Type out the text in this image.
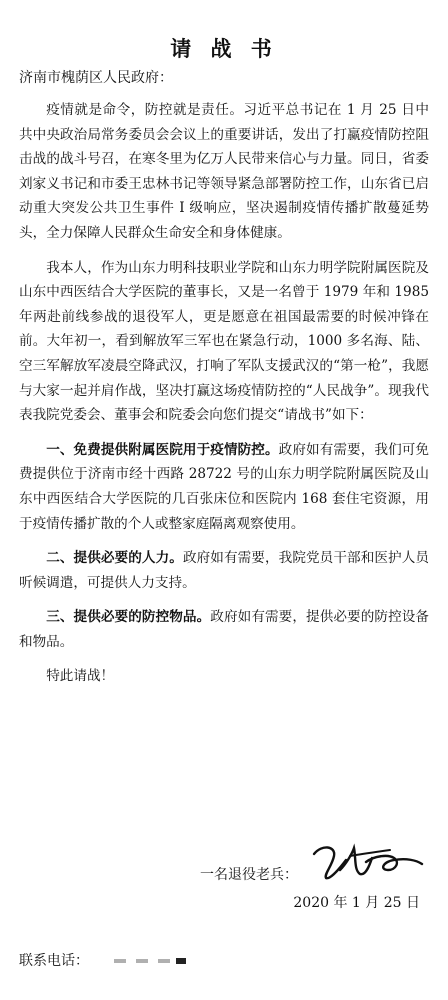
请 战 书
济南市槐荫区人民政府：

疫情就是命令，防控就是责任。习近平总书记在 1 月 25 日中共中央政治局常务委员会会议上的重要讲话，发出了打赢疫情防控阻击战的战斗号召，在寒冬里为亿万人民带来信心与力量。同日，省委刘家义书记和市委王忠林书记等领导紧急部署防控工作，山东省已启动重大突发公共卫生事件 I 级响应，坚决遏制疫情传播扩散蔓延势头，全力保障人民群众生命安全和身体健康。

我本人，作为山东力明科技职业学院和山东力明学院附属医院及山东中西医结合大学医院的董事长，又是一名曾于 1979 年和 1985 年两赴前线参战的退役军人，更是愿意在祖国最需要的时候冲锋在前。大年初一，看到解放军三军也在紧急行动，1000 多名海、陆、空三军解放军凌晨空降武汉，打响了军队支援武汉的“第一枪”，我愿与大家一起并肩作战，坚决打赢这场疫情防控的“人民战争”。现我代表我院党委会、董事会和院委会向您们提交“请战书”如下：

一、免费提供附属医院用于疫情防控。政府如有需要，我们可免费提供位于济南市经十西路 28722 号的山东力明学院附属医院及山东中西医结合大学医院的几百张床位和医院内 168 套住宅资源，用于疫情传播扩散的个人或整家庭隔离观察使用。

二、提供必要的人力。政府如有需要，我院党员干部和医护人员听候调遣，可提供人力支持。

三、提供必要的防控物品。政府如有需要，提供必要的防控设备和物品。

特此请战！

一名退役老兵：
2020 年 1 月 25 日
联系电话：
